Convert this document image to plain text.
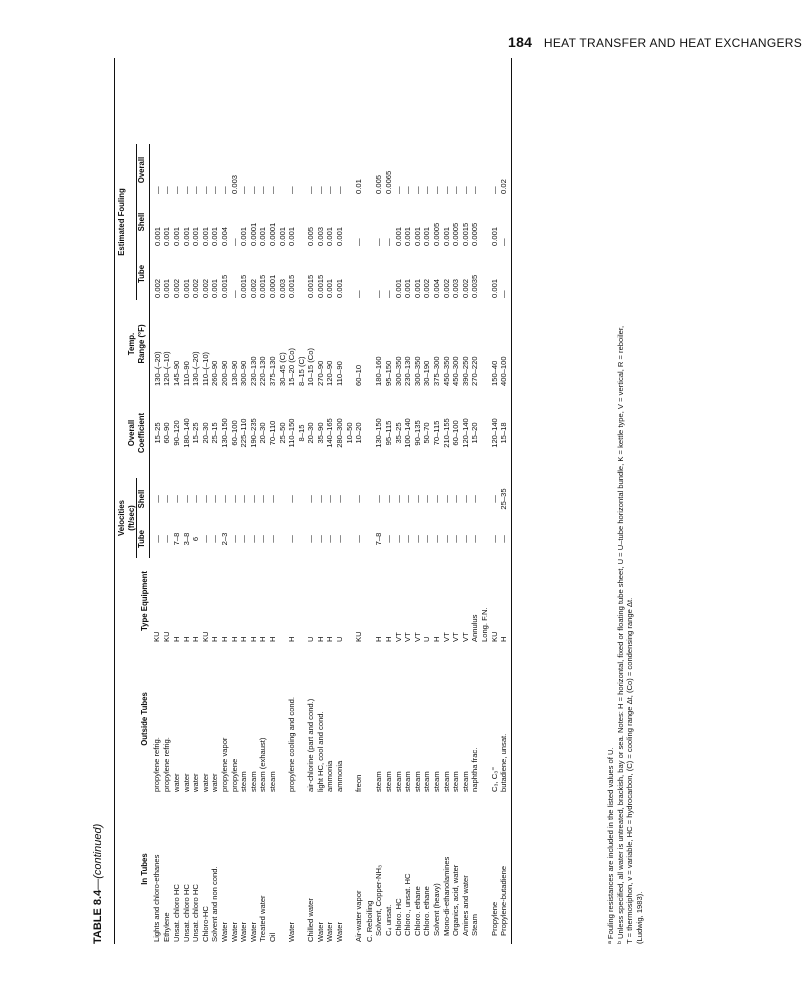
184 HEAT TRANSFER AND HEAT EXCHANGERS
TABLE 8.4—(continued)	In Tubes	Outside Tubes	Type Equipment	Velocities		Overall	Temp.	Estimated Fouling			
			(ft/sec)							
			Tube	Shell	Coefficient	Range (°F)	Tube	Shell	Overall	
Lights and chloro-ethanes	propylene refrig.	KU	—	—	15–25	130–(–20)	0.002	0.001	—	
Ethylene	propylene refrig.	KU	—	—	60–90	120–(–10)	0.001	0.001	—	
Unsat. chloro HC	water	H	7–8	—	90–120	145–90	0.002	0.001	—	
Unsat. chloro HC	water	H	3–8	—	180–140	110–90	0.001	0.001	—	
Unsat. chloro HC	water	H	6	—	15–25	130–(–20)	0.002	0.001	—	
Chloro-HC	water	KU	—	—	20–30	110–(–10)	0.002	0.001	—	
Solvent and non cond.	water	H	—	—	25–15	260–90	0.001	0.001	—	
Water	propylene vapor	H	2–3	—	130–150	200–90	0.0015	0.004	—	
Water	propylene	H	—	—	60–100	130–90	—	—	0.003	
Water	steam	H	—	—	225–110	300–90	0.0015	0.001	—	
Water	steam	H	—	—	190–235	230–130	0.002	0.0001	—	
Treated water	steam (exhaust)	H	—	—	20–30	220–130	0.0015	0.001	—	
Oil	steam	H	—	—	70–110	375–130	0.0001	0.0001	—	
					25–50	30–45 (C)	0.003	0.001		
Water	propylene cooling and cond.	H	—	—	110–150	15–20 (Co)	0.0015	0.001	—	
					8–15	8–15 (C)				
Chilled water	air-chlorine (part and cond.)	U	—	—	20–30	10–15 (Co)	0.0015	0.005	—	
Water	light HC, cool and cond.	H	—	—	35–90	270–90	0.0015	0.003	—	
Water	ammonia	H	—	—	140–165	120–90	0.001	0.001	—	
Water	ammonia	U	—	—	280–300	110–90	0.001	0.001	—	
					10–50					
Air-water vapor	freon	KU	—	—	10–20	60–10	—	—	0.01	
C. Reboiling										
Solvent, Copper-NH₃	steam	H	7–8	—	130–150	180–160	—	—	0.005	
C₄ unsat.	steam	H	—	—	95–115	95–150	—	—	0.0065	
Chloro. HC	steam	VT	—	—	35–25	300–350	0.001	0.001	—	
Chloro., unsat. HC	steam	VT	—	—	100–140	230–130	0.001	0.001	—	
Chloro. ethane	steam	VT	—	—	90–135	300–350	0.001	0.001	—	
Chloro. ethane	steam	U	—	—	50–70	30–190	0.002	0.001	—	
Solvent (heavy)	steam	H	—	—	70–115	375–300	0.004	0.0005	—	
Mono-di-ethanolamines	steam	VT	—	—	210–155	450–350	0.002	0.001	—	
Organics, acid, water	steam	VT	—	—	60–100	450–300	0.003	0.0005	—	
Amines and water	steam	VT	—	—	120–140	390–250	0.002	0.0015	—	
Steam	naphtha frac.	Annulus	—	—	15–20	270–220	0.0035	0.0005	—	
		Long. F.N.								
Propylene	C₃, C₃⁼	KU	—	—	120–140	150–40	0.001	0.001	—	
Propylene-butadiene	butadiene, unsat.	H	—	25–35	15–18	400–100	—	—	0.02	

ᵃ Fouling resistances are included in the listed values of U. ᵇ Unless specified, all water is untreated, brackish, bay or sea. Notes: H = horizontal, fixed or floating tube sheet, U = U–tube horizontal bundle, K = kettle type, V = vertical, R = reboiler, T = thermosiphon, v = variable, HC = hydrocarbon, (C) = cooling range Δt, (Co) = condensing range Δt. (Ludwig, 1983).
